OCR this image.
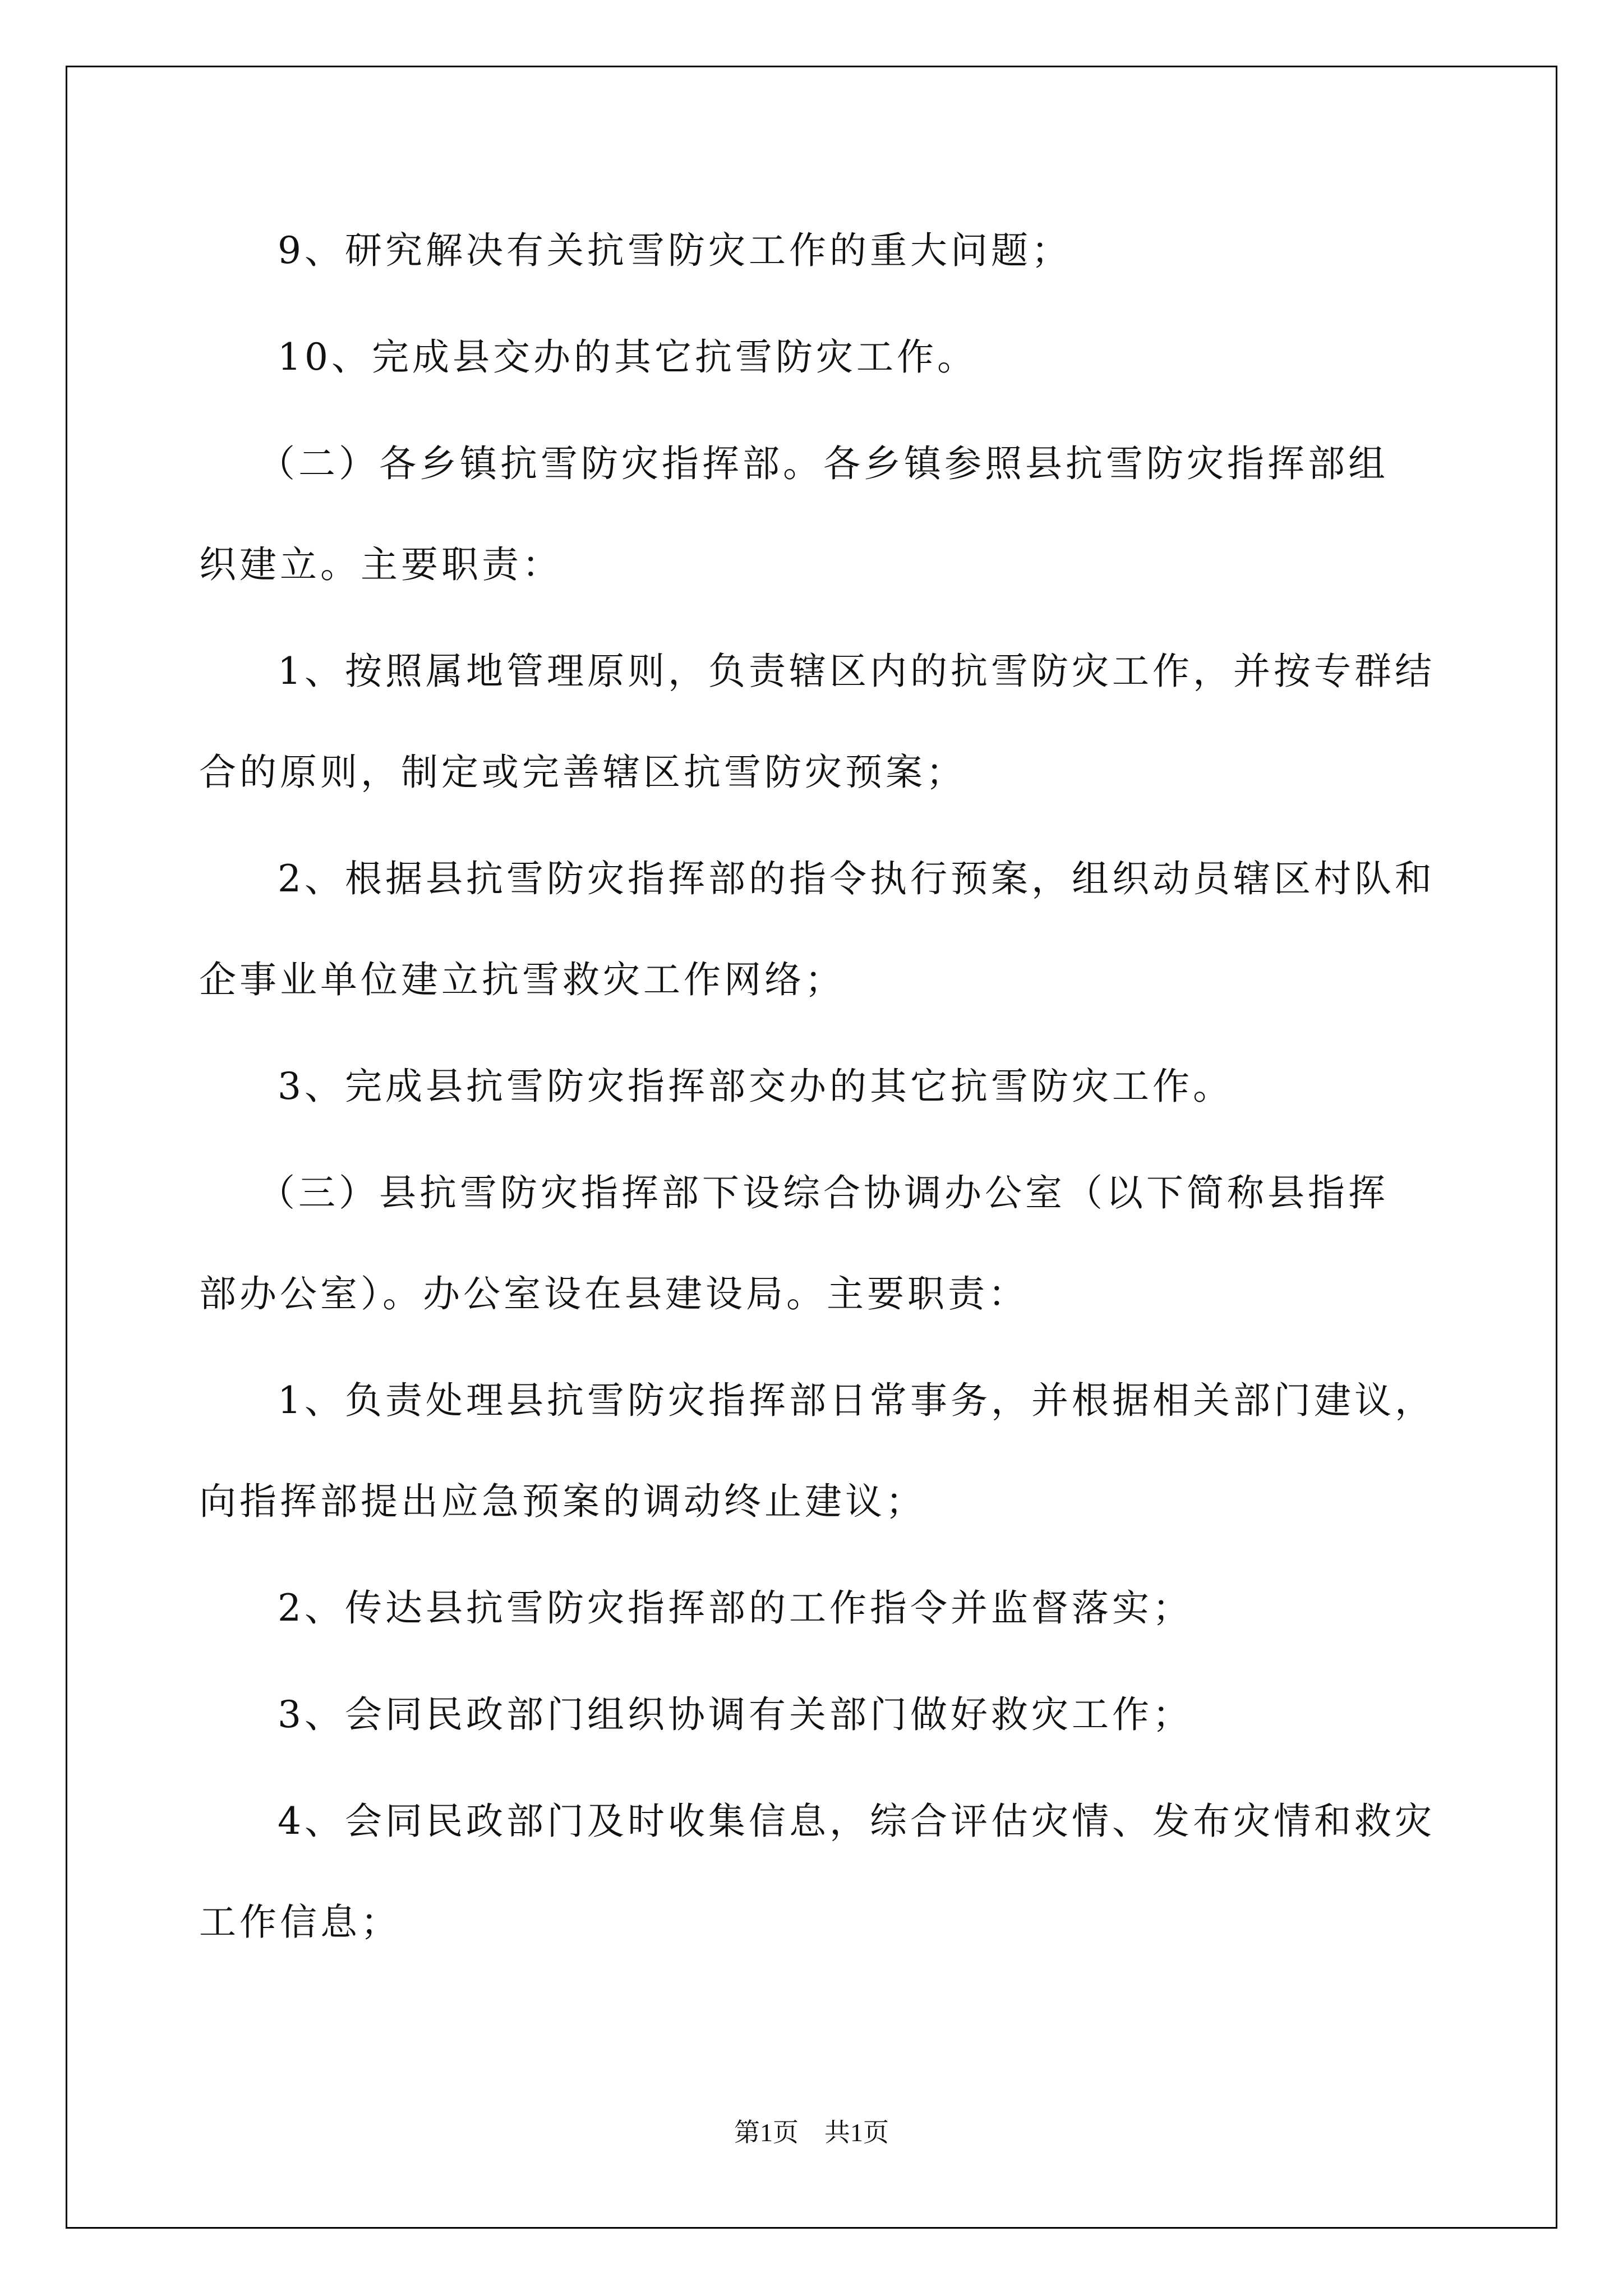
9、研究解决有关抗雪防灾工作的重大问题；

10、完成县交办的其它抗雪防灾工作。

（二）各乡镇抗雪防灾指挥部。各乡镇参照县抗雪防灾指挥部组

织建立。主要职责：

1、按照属地管理原则，负责辖区内的抗雪防灾工作，并按专群结

合的原则，制定或完善辖区抗雪防灾预案；

2、根据县抗雪防灾指挥部的指令执行预案，组织动员辖区村队和

企事业单位建立抗雪救灾工作网络；

3、完成县抗雪防灾指挥部交办的其它抗雪防灾工作。

（三）县抗雪防灾指挥部下设综合协调办公室（以下简称县指挥

部办公室）。办公室设在县建设局。主要职责：

1、负责处理县抗雪防灾指挥部日常事务，并根据相关部门建议，

向指挥部提出应急预案的调动终止建议；

2、传达县抗雪防灾指挥部的工作指令并监督落实；

3、会同民政部门组织协调有关部门做好救灾工作；

4、会同民政部门及时收集信息，综合评估灾情、发布灾情和救灾

工作信息；

第1页　共1页
